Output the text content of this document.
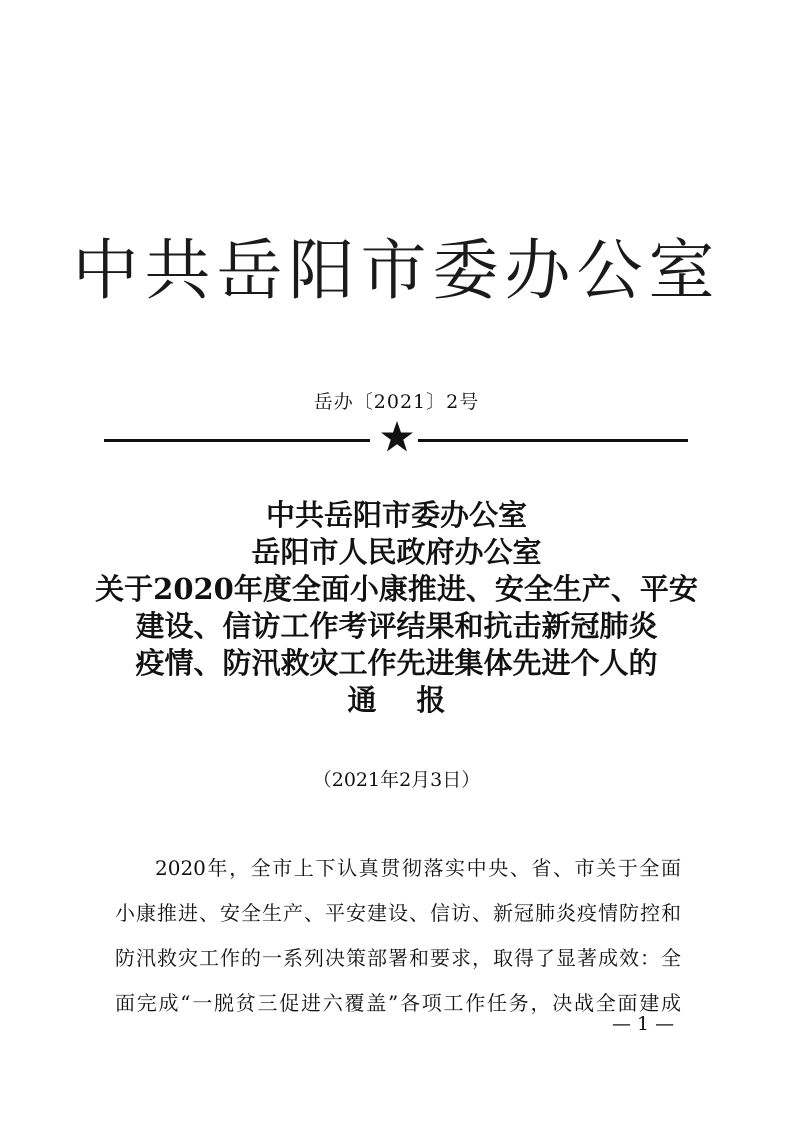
中共岳阳市委办公室
岳办〔2021〕2号
中共岳阳市委办公室
岳阳市人民政府办公室
关于2020年度全面小康推进、安全生产、平安
建设、信访工作考评结果和抗击新冠肺炎
疫情、防汛救灾工作先进集体先进个人的
通报
（2021年2月3日）
2020年，全市上下认真贯彻落实中央、省、市关于全面
小康推进、安全生产、平安建设、信访、新冠肺炎疫情防控和
防汛救灾工作的一系列决策部署和要求，取得了显著成效：全
面完成“一脱贫三促进六覆盖”各项工作任务，决战全面建成
— 1 —
